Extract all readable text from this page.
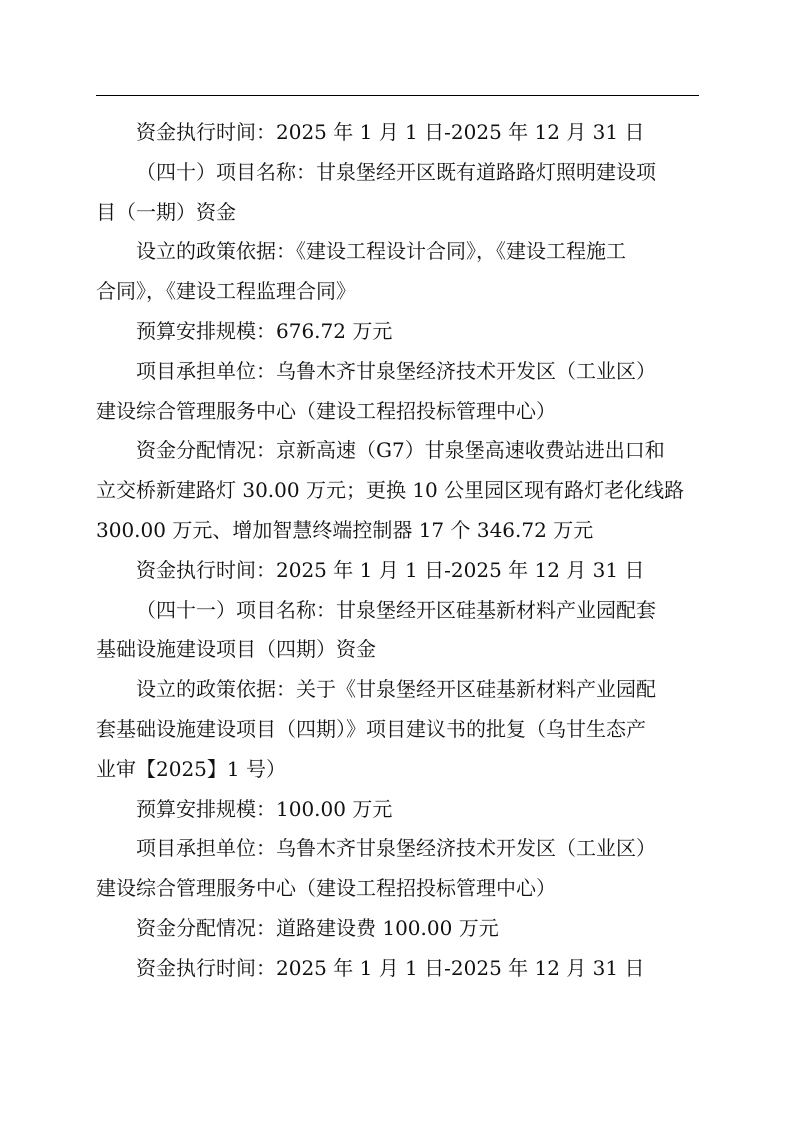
资金执行时间：2025 年 1 月 1 日-2025 年 12 月 31 日

（四十）项目名称：甘泉堡经开区既有道路路灯照明建设项

目（一期）资金

设立的政策依据：《建设工程设计合同》，《建设工程施工

合同》，《建设工程监理合同》

预算安排规模：676.72 万元

项目承担单位：乌鲁木齐甘泉堡经济技术开发区（工业区）

建设综合管理服务中心（建设工程招投标管理中心）

资金分配情况：京新高速（G7）甘泉堡高速收费站进出口和

立交桥新建路灯 30.00 万元；更换 10 公里园区现有路灯老化线路

300.00 万元、增加智慧终端控制器 17 个 346.72 万元

资金执行时间：2025 年 1 月 1 日-2025 年 12 月 31 日

（四十一）项目名称：甘泉堡经开区硅基新材料产业园配套

基础设施建设项目（四期）资金

设立的政策依据：关于《甘泉堡经开区硅基新材料产业园配

套基础设施建设项目（四期）》项目建议书的批复（乌甘生态产

业审【2025】1 号）

预算安排规模：100.00 万元

项目承担单位：乌鲁木齐甘泉堡经济技术开发区（工业区）

建设综合管理服务中心（建设工程招投标管理中心）

资金分配情况：道路建设费 100.00 万元

资金执行时间：2025 年 1 月 1 日-2025 年 12 月 31 日
